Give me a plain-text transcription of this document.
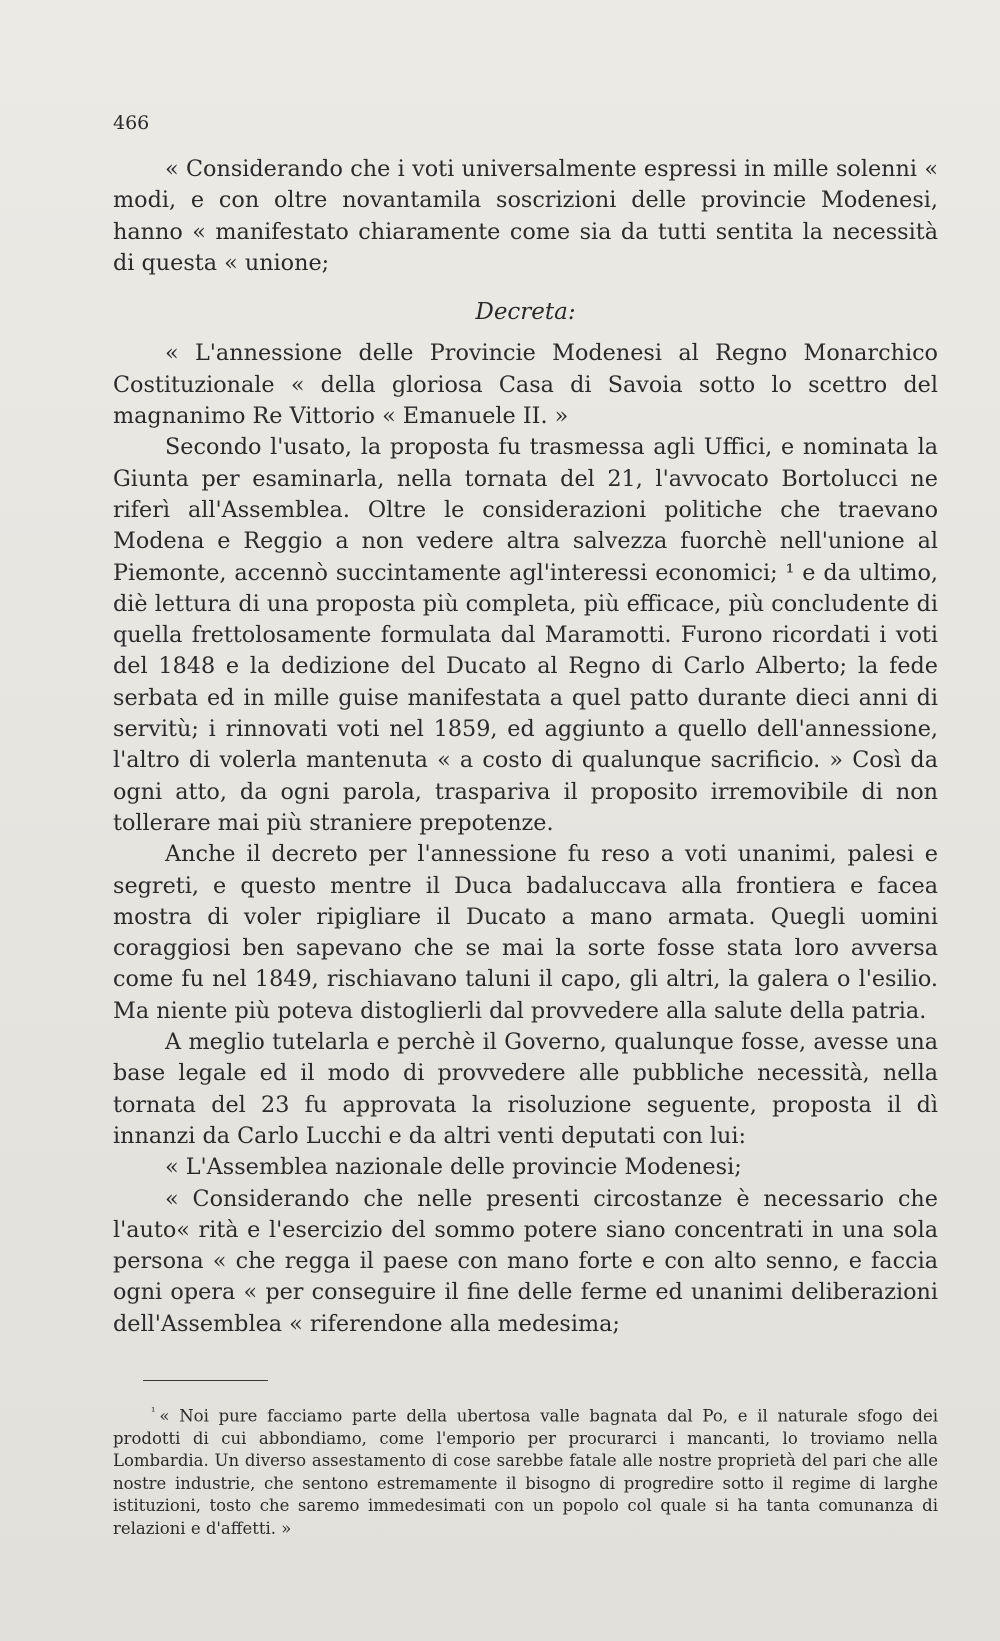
466

« Considerando che i voti universalmente espressi in mille solenni « modi, e con oltre novantamila soscrizioni delle provincie Modenesi, hanno « manifestato chiaramente come sia da tutti sentita la necessità di questa « unione;

Decreta:

« L'annessione delle Provincie Modenesi al Regno Monarchico Costituzionale « della gloriosa Casa di Savoia sotto lo scettro del magnanimo Re Vittorio « Emanuele II. »

Secondo l'usato, la proposta fu trasmessa agli Uffici, e nominata la Giunta per esaminarla, nella tornata del 21, l'avvocato Bortolucci ne riferì all'Assemblea. Oltre le considerazioni politiche che traevano Modena e Reggio a non vedere altra salvezza fuorchè nell'unione al Piemonte, accennò succintamente agl'interessi economici; ¹ e da ultimo, diè lettura di una proposta più completa, più efficace, più concludente di quella frettolosamente formulata dal Maramotti. Furono ricordati i voti del 1848 e la dedizione del Ducato al Regno di Carlo Alberto; la fede serbata ed in mille guise manifestata a quel patto durante dieci anni di servitù; i rinnovati voti nel 1859, ed aggiunto a quello dell'annessione, l'altro di volerla mantenuta « a costo di qualunque sacrificio. » Così da ogni atto, da ogni parola, traspariva il proposito irremovibile di non tollerare mai più straniere prepotenze.

Anche il decreto per l'annessione fu reso a voti unanimi, palesi e segreti, e questo mentre il Duca badaluccava alla frontiera e facea mostra di voler ripigliare il Ducato a mano armata. Quegli uomini coraggiosi ben sapevano che se mai la sorte fosse stata loro avversa come fu nel 1849, rischiavano taluni il capo, gli altri, la galera o l'esilio. Ma niente più poteva distoglierli dal provvedere alla salute della patria.

A meglio tutelarla e perchè il Governo, qualunque fosse, avesse una base legale ed il modo di provvedere alle pubbliche necessità, nella tornata del 23 fu approvata la risoluzione seguente, proposta il dì innanzi da Carlo Lucchi e da altri venti deputati con lui:

« L'Assemblea nazionale delle provincie Modenesi;

« Considerando che nelle presenti circostanze è necessario che l'auto« rità e l'esercizio del sommo potere siano concentrati in una sola persona « che regga il paese con mano forte e con alto senno, e faccia ogni opera « per conseguire il fine delle ferme ed unanimi deliberazioni dell'Assemblea « riferendone alla medesima;

$^{^1}$ « Noi pure facciamo parte della ubertosa valle bagnata dal Po, e il naturale sfogo dei prodotti di cui abbondiamo, come l'emporio per procurarci i mancanti, lo troviamo nella Lombardia. Un diverso assestamento di cose sarebbe fatale alle nostre proprietà del pari che alle nostre industrie, che sentono estremamente il bisogno di progredire sotto il regime di larghe istituzioni, tosto che saremo immedesimati con un popolo col quale si ha tanta comunanza di relazioni e d'affetti. »
